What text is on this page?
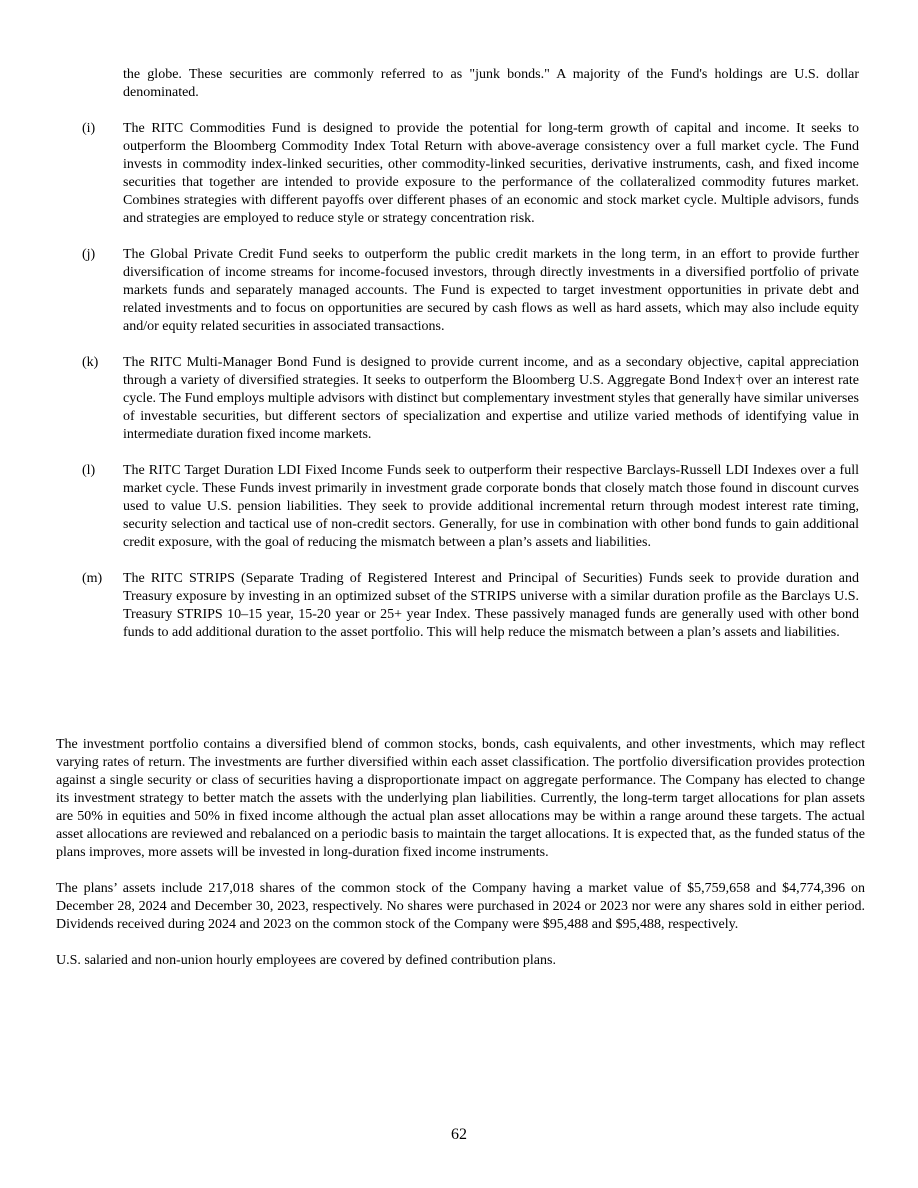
the globe. These securities are commonly referred to as "junk bonds." A majority of the Fund's holdings are U.S. dollar denominated.

(i) The RITC Commodities Fund is designed to provide the potential for long-term growth of capital and income. It seeks to outperform the Bloomberg Commodity Index Total Return with above-average consistency over a full market cycle. The Fund invests in commodity index-linked securities, other commodity-linked securities, derivative instruments, cash, and fixed income securities that together are intended to provide exposure to the performance of the collateralized commodity futures market. Combines strategies with different payoffs over different phases of an economic and stock market cycle. Multiple advisors, funds and strategies are employed to reduce style or strategy concentration risk.

(j) The Global Private Credit Fund seeks to outperform the public credit markets in the long term, in an effort to provide further diversification of income streams for income-focused investors, through directly investments in a diversified portfolio of private markets funds and separately managed accounts. The Fund is expected to target investment opportunities in private debt and related investments and to focus on opportunities are secured by cash flows as well as hard assets, which may also include equity and/or equity related securities in associated transactions.

(k) The RITC Multi-Manager Bond Fund is designed to provide current income, and as a secondary objective, capital appreciation through a variety of diversified strategies. It seeks to outperform the Bloomberg U.S. Aggregate Bond Index† over an interest rate cycle. The Fund employs multiple advisors with distinct but complementary investment styles that generally have similar universes of investable securities, but different sectors of specialization and expertise and utilize varied methods of identifying value in intermediate duration fixed income markets.

(l) The RITC Target Duration LDI Fixed Income Funds seek to outperform their respective Barclays-Russell LDI Indexes over a full market cycle. These Funds invest primarily in investment grade corporate bonds that closely match those found in discount curves used to value U.S. pension liabilities. They seek to provide additional incremental return through modest interest rate timing, security selection and tactical use of non-credit sectors. Generally, for use in combination with other bond funds to gain additional credit exposure, with the goal of reducing the mismatch between a plan’s assets and liabilities.

(m) The RITC STRIPS (Separate Trading of Registered Interest and Principal of Securities) Funds seek to provide duration and Treasury exposure by investing in an optimized subset of the STRIPS universe with a similar duration profile as the Barclays U.S. Treasury STRIPS 10–15 year, 15-20 year or 25+ year Index. These passively managed funds are generally used with other bond funds to add additional duration to the asset portfolio. This will help reduce the mismatch between a plan’s assets and liabilities.

The investment portfolio contains a diversified blend of common stocks, bonds, cash equivalents, and other investments, which may reflect varying rates of return. The investments are further diversified within each asset classification. The portfolio diversification provides protection against a single security or class of securities having a disproportionate impact on aggregate performance. The Company has elected to change its investment strategy to better match the assets with the underlying plan liabilities. Currently, the long-term target allocations for plan assets are 50% in equities and 50% in fixed income although the actual plan asset allocations may be within a range around these targets. The actual asset allocations are reviewed and rebalanced on a periodic basis to maintain the target allocations. It is expected that, as the funded status of the plans improves, more assets will be invested in long-duration fixed income instruments.

The plans’ assets include 217,018 shares of the common stock of the Company having a market value of $5,759,658 and $4,774,396 on December 28, 2024 and December 30, 2023, respectively. No shares were purchased in 2024 or 2023 nor were any shares sold in either period. Dividends received during 2024 and 2023 on the common stock of the Company were $95,488 and $95,488, respectively.

U.S. salaried and non-union hourly employees are covered by defined contribution plans.

62
